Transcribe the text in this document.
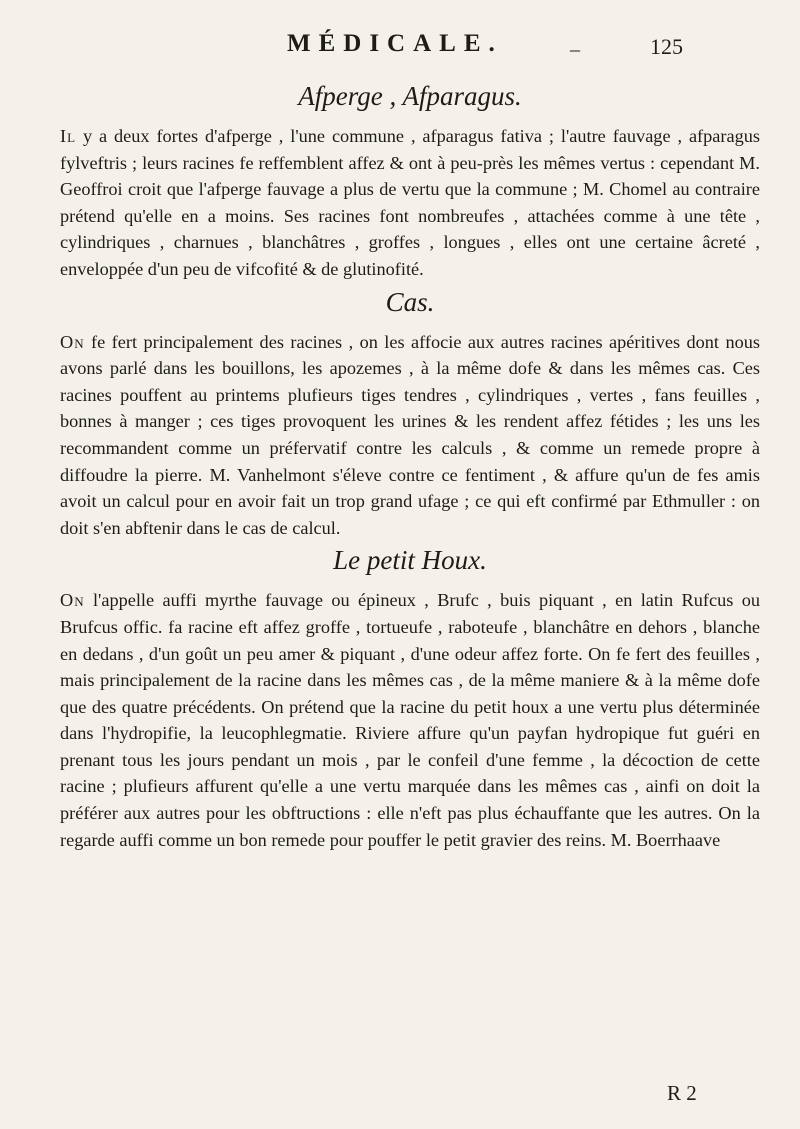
MÉDICALE.	_	125
Afperge , Afparagus.

Il y a deux fortes d'afperge , l'une commune , afparagus fativa ; l'autre fauvage , afparagus fylveftris ; leurs racines fe reffemblent affez & ont à peu-près les mêmes vertus : cependant M. Geoffroi croit que l'afperge fauvage a plus de vertu que la commune ; M. Chomel au contraire prétend qu'elle en a moins. Ses racines font nombreufes , attachées comme à une tête , cylindriques , charnues , blanchâtres , groffes , longues , elles ont une certaine âcreté , enveloppée d'un peu de vifcofité & de glutinofité.

Cas.

On fe fert principalement des racines , on les affocie aux autres racines apéritives dont nous avons parlé dans les bouillons, les apozemes , à la même dofe & dans les mêmes cas. Ces racines pouffent au printems plufieurs tiges tendres , cylindriques , vertes , fans feuilles , bonnes à manger ; ces tiges provoquent les urines & les rendent affez fétides ; les uns les recommandent comme un préfervatif contre les calculs , & comme un remede propre à diffoudre la pierre. M. Vanhelmont s'éleve contre ce fentiment , & affure qu'un de fes amis avoit un calcul pour en avoir fait un trop grand ufage ; ce qui eft confirmé par Ethmuller : on doit s'en abftenir dans le cas de calcul.

Le petit Houx.

On l'appelle auffi myrthe fauvage ou épineux , Brufc , buis piquant , en latin Rufcus ou Brufcus offic. fa racine eft affez groffe , tortueufe , raboteufe , blanchâtre en dehors , blanche en dedans , d'un goût un peu amer & piquant , d'une odeur affez forte. On fe fert des feuilles , mais principalement de la racine dans les mêmes cas , de la même maniere & à la même dofe que des quatre précédents. On prétend que la racine du petit houx a une vertu plus déterminée dans l'hydropifie, la leucophlegmatie. Riviere affure qu'un payfan hydropique fut guéri en prenant tous les jours pendant un mois , par le confeil d'une femme , la décoction de cette racine ; plufieurs affurent qu'elle a une vertu marquée dans les mêmes cas , ainfi on doit la préférer aux autres pour les obftructions : elle n'eft pas plus échauffante que les autres. On la regarde auffi comme un bon remede pour pouffer le petit gravier des reins. M. Boerrhaave

R 2
